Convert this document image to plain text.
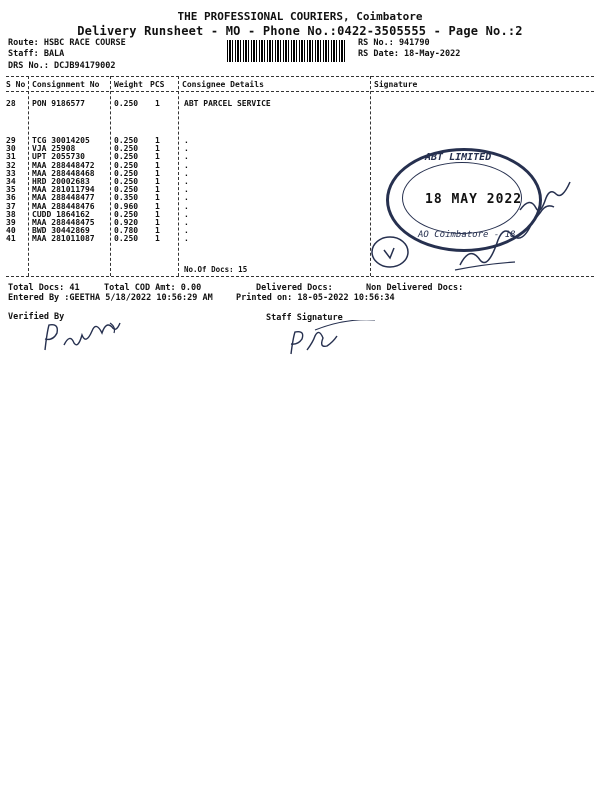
THE PROFESSIONAL COURIERS, Coimbatore
Delivery Runsheet - MO - Phone No.:0422-3505555 - Page No.:2
Route: HSBC RACE COURSE
Staff: BALA
DRS No.: DCJB94179002
RS No.: 941790
RS Date: 18-May-2022
S No Consignment No Weight PCS Consignee Details	Signature
28 PON 9186577	0.250 1	ABT PARCEL SERVICE
29 TCG 30014205	0.250 1	.
30 VJA 25908	0.250 1	.
31 UPT 2055730	0.250 1	.
32 MAA 288448472 0.250 1	.
33 MAA 288448468 0.250 1	.
34 HRD 20002683	0.250 1	.
35 MAA 281011794 0.250 1	.
36 MAA 288448477 0.350 1	.
37 MAA 288448476 0.960 1	.
38 CUDD 1864162	0.250 1	.
39 MAA 288448475 0.920 1	.
40 BWD 30442869	0.780 1	.
41 MAA 281011087 0.250 1	.
No.Of Docs: 15
Total Docs: 41	Total COD Amt: 0.00	Delivered Docs:	Non Delivered Docs:
Entered By :GEETHA 5/18/2022 10:56:29 AM	Printed on: 18-05-2022 10:56:34
Verified By	Staff Signature
ABT LIMITED
18 MAY 2022
AO Coimbatore - 18
